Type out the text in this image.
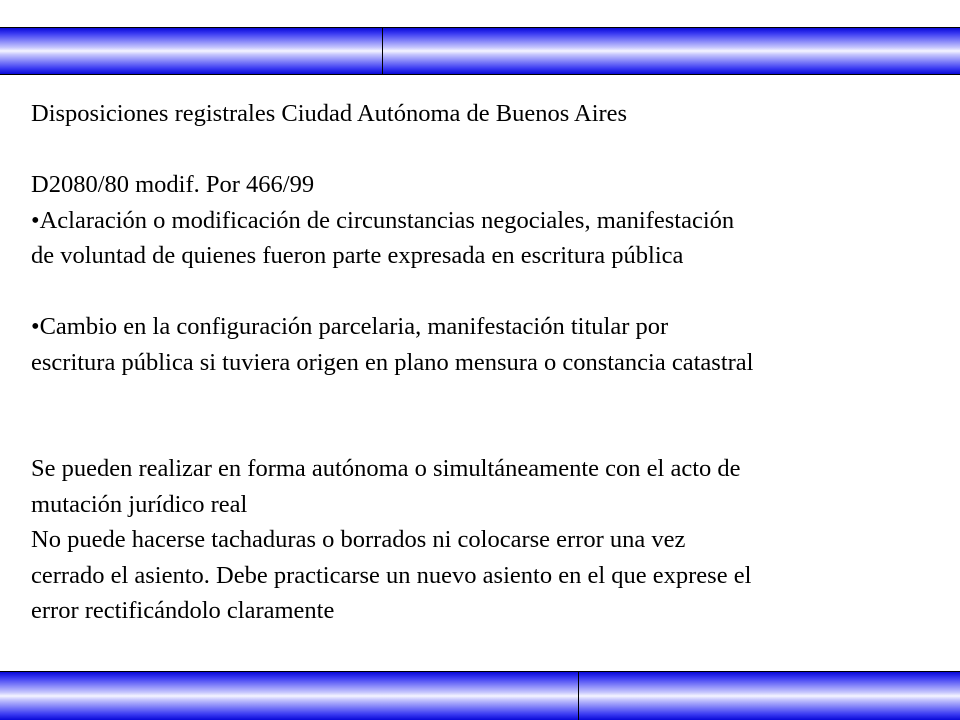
Disposiciones registrales Ciudad Autónoma de Buenos Aires
D2080/80 modif. Por 466/99
•Aclaración o modificación de circunstancias negociales, manifestación
de voluntad de quienes fueron parte expresada en escritura pública
•Cambio en la configuración parcelaria, manifestación titular por
escritura pública si tuviera origen en plano mensura o constancia catastral
Se pueden realizar en forma autónoma o simultáneamente con el acto de
mutación jurídico real
No puede hacerse tachaduras o borrados ni colocarse error una vez
cerrado el asiento. Debe practicarse un nuevo asiento en el que exprese el
error rectificándolo claramente
